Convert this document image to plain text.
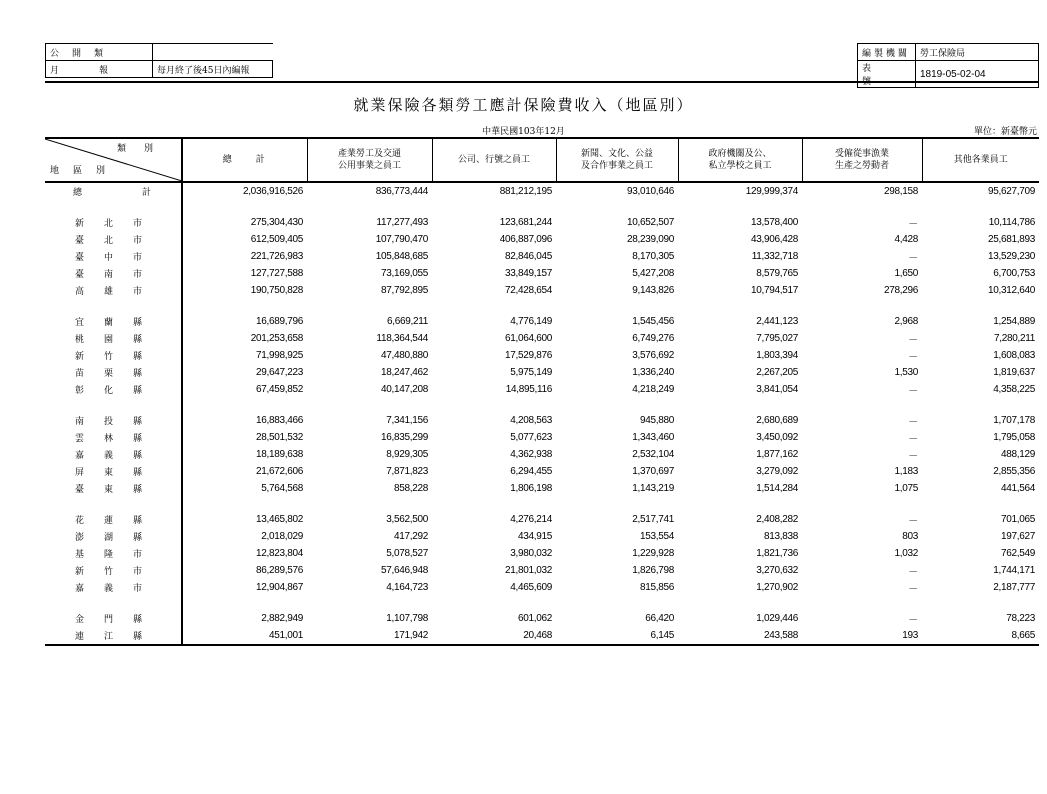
公開類	
月報	每月終了後45日內編報
編製機關	勞工保險局
表	1819-05-02-04
就業保險各類勞工應計保險費收入（地區別）
中華民國103年12月	單位：新臺幣元
類別
地區別	總　　計	產業勞工及交通
公用事業之員工	公司、行號之員工	新聞、文化、公益
及合作事業之員工	政府機關及公、
私立學校之員工	受僱從事漁業
生產之勞動者	其他各業員工
總計	2,036,916,526	836,773,444	881,212,195	93,010,646	129,999,374	298,158	95,627,709

新北市	275,304,430	117,277,493	123,681,244	10,652,507	13,578,400	－	10,114,786
臺北市	612,509,405	107,790,470	406,887,096	28,239,090	43,906,428	4,428	25,681,893
臺中市	221,726,983	105,848,685	82,846,045	8,170,305	11,332,718	－	13,529,230
臺南市	127,727,588	73,169,055	33,849,157	5,427,208	8,579,765	1,650	6,700,753
高雄市	190,750,828	87,792,895	72,428,654	9,143,826	10,794,517	278,296	10,312,640

宜蘭縣	16,689,796	6,669,211	4,776,149	1,545,456	2,441,123	2,968	1,254,889
桃園縣	201,253,658	118,364,544	61,064,600	6,749,276	7,795,027	－	7,280,211
新竹縣	71,998,925	47,480,880	17,529,876	3,576,692	1,803,394	－	1,608,083
苗栗縣	29,647,223	18,247,462	5,975,149	1,336,240	2,267,205	1,530	1,819,637
彰化縣	67,459,852	40,147,208	14,895,116	4,218,249	3,841,054	－	4,358,225

南投縣	16,883,466	7,341,156	4,208,563	945,880	2,680,689	－	1,707,178
雲林縣	28,501,532	16,835,299	5,077,623	1,343,460	3,450,092	－	1,795,058
嘉義縣	18,189,638	8,929,305	4,362,938	2,532,104	1,877,162	－	488,129
屏東縣	21,672,606	7,871,823	6,294,455	1,370,697	3,279,092	1,183	2,855,356
臺東縣	5,764,568	858,228	1,806,198	1,143,219	1,514,284	1,075	441,564

花蓮縣	13,465,802	3,562,500	4,276,214	2,517,741	2,408,282	－	701,065
澎湖縣	2,018,029	417,292	434,915	153,554	813,838	803	197,627
基隆市	12,823,804	5,078,527	3,980,032	1,229,928	1,821,736	1,032	762,549
新竹市	86,289,576	57,646,948	21,801,032	1,826,798	3,270,632	－	1,744,171
嘉義市	12,904,867	4,164,723	4,465,609	815,856	1,270,902	－	2,187,777

金門縣	2,882,949	1,107,798	601,062	66,420	1,029,446	－	78,223
連江縣	451,001	171,942	20,468	6,145	243,588	193	8,665
